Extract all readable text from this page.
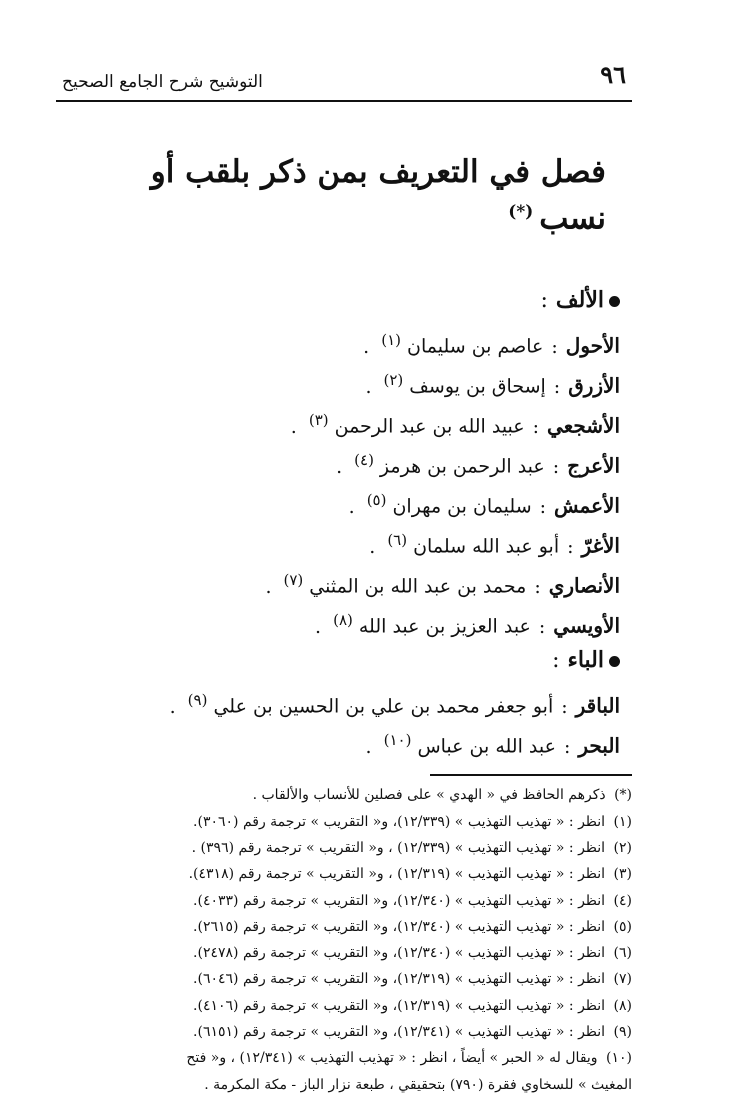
٩٦
التوشيح شرح الجامع الصحيح
فصل في التعريف بمن ذكر بلقب أو نسب(*)
الألف:
الأحول:عاصم بن سليمان$^{(١)}$.
الأزرق:إسحاق بن يوسف$^{(٢)}$.
الأشجعي:عبيد الله بن عبد الرحمن$^{(٣)}$.
الأعرج:عبد الرحمن بن هرمز$^{(٤)}$.
الأعمش:سليمان بن مهران$^{(٥)}$.
الأغرّ:أبو عبد الله سلمان$^{(٦)}$.
الأنصاري:محمد بن عبد الله بن المثني$^{(٧)}$.
الأويسي:عبد العزيز بن عبد الله$^{(٨)}$.
الباء:
الباقر:أبو جعفر محمد بن علي بن الحسين بن علي$^{(٩)}$.
البحر:عبد الله بن عباس$^{(١٠)}$.
(*) ذكرهم الحافظ في « الهدي » على فصلين للأنساب والألقاب .
(١) انظر : « تهذيب التهذيب » (١٢/٣٣٩)، و« التقريب » ترجمة رقم (٣٠٦٠).
(٢) انظر : « تهذيب التهذيب » (١٢/٣٣٩) ، و« التقريب » ترجمة رقم (٣٩٦) .
(٣) انظر : « تهذيب التهذيب » (١٢/٣١٩) ، و« التقريب » ترجمة رقم (٤٣١٨).
(٤) انظر : « تهذيب التهذيب » (١٢/٣٤٠)، و« التقريب » ترجمة رقم (٤٠٣٣).
(٥) انظر : « تهذيب التهذيب » (١٢/٣٤٠)، و« التقريب » ترجمة رقم (٢٦١٥).
(٦) انظر : « تهذيب التهذيب » (١٢/٣٤٠)، و« التقريب » ترجمة رقم (٢٤٧٨).
(٧) انظر : « تهذيب التهذيب » (١٢/٣١٩)، و« التقريب » ترجمة رقم (٦٠٤٦).
(٨) انظر : « تهذيب التهذيب » (١٢/٣١٩)، و« التقريب » ترجمة رقم (٤١٠٦).
(٩) انظر : « تهذيب التهذيب » (١٢/٣٤١)، و« التقريب » ترجمة رقم (٦١٥١).
(١٠) ويقال له « الحبر » أيضاً ، انظر : « تهذيب التهذيب » (١٢/٣٤١) ، و« فتح
المغيث » للسخاوي فقرة (٧٩٠) بتحقيقي ، طبعة نزار الباز - مكة المكرمة .
